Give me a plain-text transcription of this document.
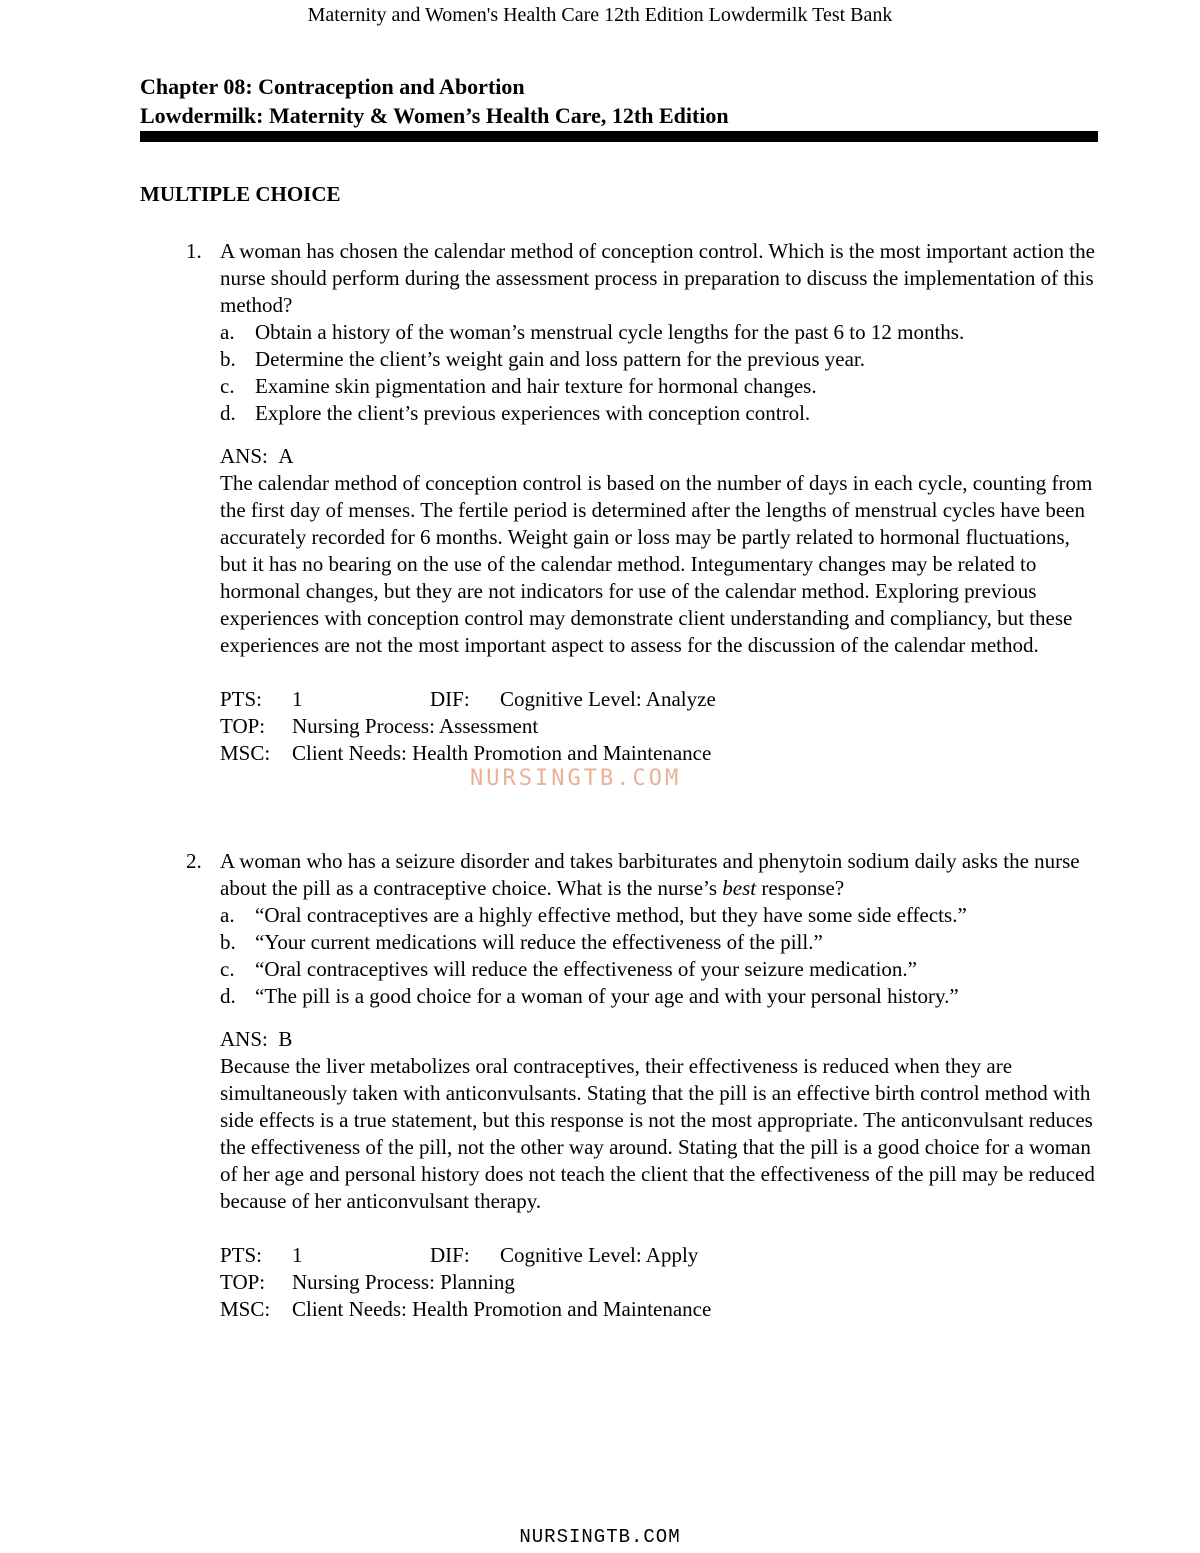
Maternity and Women's Health Care 12th Edition Lowdermilk Test Bank
Chapter 08: Contraception and Abortion
Lowdermilk: Maternity & Women’s Health Care, 12th Edition
MULTIPLE CHOICE
1. A woman has chosen the calendar method of conception control. Which is the most important action the nurse should perform during the assessment process in preparation to discuss the implementation of this method?

a. Obtain a history of the woman’s menstrual cycle lengths for the past 6 to 12 months.
b. Determine the client’s weight gain and loss pattern for the previous year.
c. Examine skin pigmentation and hair texture for hormonal changes.
d. Explore the client’s previous experiences with conception control.
ANS: A

The calendar method of conception control is based on the number of days in each cycle, counting from the first day of menses. The fertile period is determined after the lengths of menstrual cycles have been accurately recorded for 6 months. Weight gain or loss may be partly related to hormonal fluctuations, but it has no bearing on the use of the calendar method. Integumentary changes may be related to hormonal changes, but they are not indicators for use of the calendar method. Exploring previous experiences with conception control may demonstrate client understanding and compliancy, but these experiences are not the most important aspect to assess for the discussion of the calendar method.

PTS: 1	DIF: Cognitive Level: Analyze
TOP: Nursing Process: Assessment
MSC: Client Needs: Health Promotion and Maintenance
2. A woman who has a seizure disorder and takes barbiturates and phenytoin sodium daily asks the nurse about the pill as a contraceptive choice. What is the nurse’s best response?

a. “Oral contraceptives are a highly effective method, but they have some side effects.”
b. “Your current medications will reduce the effectiveness of the pill.”
c. “Oral contraceptives will reduce the effectiveness of your seizure medication.”
d. “The pill is a good choice for a woman of your age and with your personal history.”
ANS: B

Because the liver metabolizes oral contraceptives, their effectiveness is reduced when they are simultaneously taken with anticonvulsants. Stating that the pill is an effective birth control method with side effects is a true statement, but this response is not the most appropriate. The anticonvulsant reduces the effectiveness of the pill, not the other way around. Stating that the pill is a good choice for a woman of her age and personal history does not teach the client that the effectiveness of the pill may be reduced because of her anticonvulsant therapy.

PTS: 1	DIF: Cognitive Level: Apply
TOP: Nursing Process: Planning
MSC: Client Needs: Health Promotion and Maintenance
NURSINGTB.COM
NURSINGTB.COM
